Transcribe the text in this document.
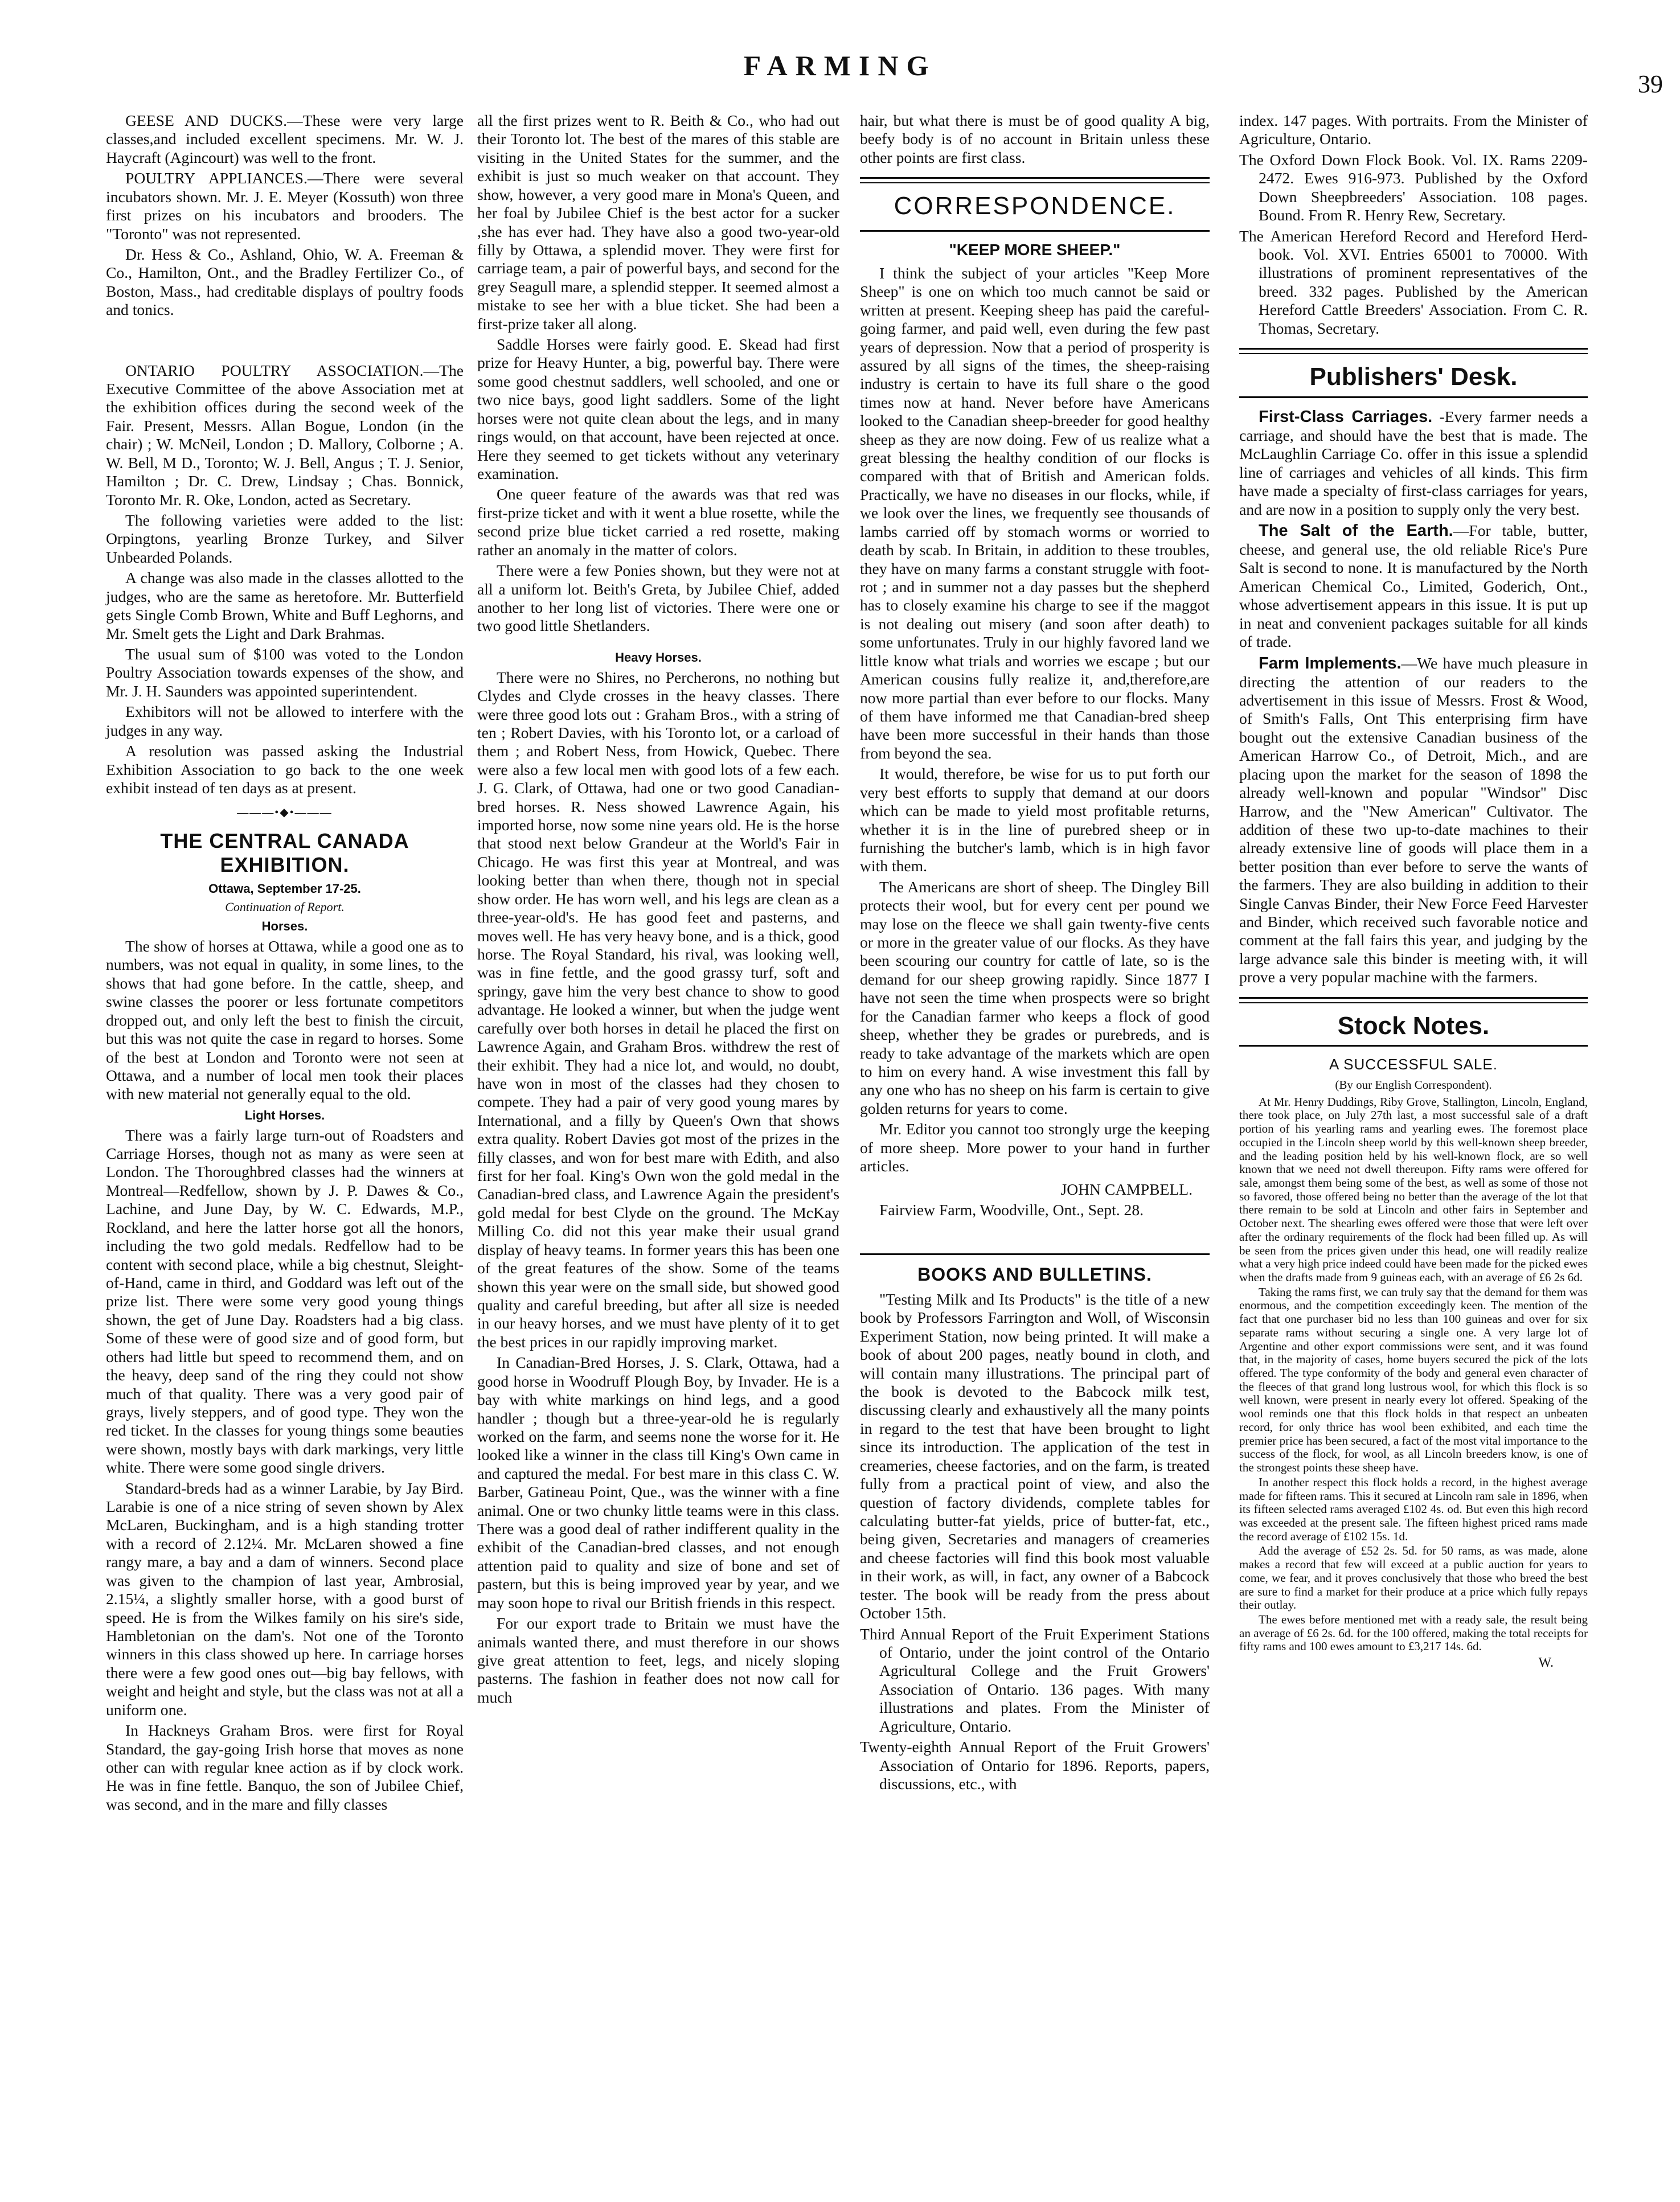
FARMING
39

GEESE AND DUCKS.—These were very large classes,and included excellent specimens. Mr. W. J. Haycraft (Agincourt) was well to the front.

POULTRY APPLIANCES.—There were several incubators shown. Mr. J. E. Meyer (Kossuth) won three first prizes on his incubators and brooders. The "Toronto" was not represented.

Dr. Hess & Co., Ashland, Ohio, W. A. Freeman & Co., Hamilton, Ont., and the Bradley Fertilizer Co., of Boston, Mass., had creditable displays of poultry foods and tonics.

ONTARIO POULTRY ASSOCIATION.—The Executive Committee of the above Association met at the exhibition offices during the second week of the Fair. Present, Messrs. Allan Bogue, London (in the chair) ; W. McNeil, London ; D. Mallory, Colborne ; A. W. Bell, M D., Toronto; W. J. Bell, Angus ; T. J. Senior, Hamilton ; Dr. C. Drew, Lindsay ; Chas. Bonnick, Toronto Mr. R. Oke, London, acted as Secretary.

The following varieties were added to the list: Orpingtons, yearling Bronze Turkey, and Silver Unbearded Polands.

A change was also made in the classes allotted to the judges, who are the same as heretofore. Mr. Butterfield gets Single Comb Brown, White and Buff Leghorns, and Mr. Smelt gets the Light and Dark Brahmas.

The usual sum of $100 was voted to the London Poultry Association towards expenses of the show, and Mr. J. H. Saunders was appointed superintendent.

Exhibitors will not be allowed to interfere with the judges in any way.

A resolution was passed asking the Industrial Exhibition Association to go back to the one week exhibit instead of ten days as at present.

———•◆•———
THE CENTRAL CANADA EXHIBITION.
Ottawa, September 17-25.
Continuation of Report.
Horses.

The show of horses at Ottawa, while a good one as to numbers, was not equal in quality, in some lines, to the shows that had gone before. In the cattle, sheep, and swine classes the poorer or less fortunate competitors dropped out, and only left the best to finish the circuit, but this was not quite the case in regard to horses. Some of the best at London and Toronto were not seen at Ottawa, and a number of local men took their places with new material not generally equal to the old.

Light Horses.

There was a fairly large turn-out of Roadsters and Carriage Horses, though not as many as were seen at London. The Thoroughbred classes had the winners at Montreal—Redfellow, shown by J. P. Dawes & Co., Lachine, and June Day, by W. C. Edwards, M.P., Rockland, and here the latter horse got all the honors, including the two gold medals. Redfellow had to be content with second place, while a big chestnut, Sleight-of-Hand, came in third, and Goddard was left out of the prize list. There were some very good young things shown, the get of June Day. Roadsters had a big class. Some of these were of good size and of good form, but others had little but speed to recommend them, and on the heavy, deep sand of the ring they could not show much of that quality. There was a very good pair of grays, lively steppers, and of good type. They won the red ticket. In the classes for young things some beauties were shown, mostly bays with dark markings, very little white. There were some good single drivers.

Standard-breds had as a winner Larabie, by Jay Bird. Larabie is one of a nice string of seven shown by Alex McLaren, Buckingham, and is a high standing trotter with a record of 2.12¼. Mr. McLaren showed a fine rangy mare, a bay and a dam of winners. Second place was given to the champion of last year, Ambrosial, 2.15¼, a slightly smaller horse, with a good burst of speed. He is from the Wilkes family on his sire's side, Hambletonian on the dam's. Not one of the Toronto winners in this class showed up here. In carriage horses there were a few good ones out—big bay fellows, with weight and height and style, but the class was not at all a uniform one.

In Hackneys Graham Bros. were first for Royal Standard, the gay-going Irish horse that moves as none other can with regular knee action as if by clock work. He was in fine fettle. Banquo, the son of Jubilee Chief, was second, and in the mare and filly classes

all the first prizes went to R. Beith & Co., who had out their Toronto lot. The best of the mares of this stable are visiting in the United States for the summer, and the exhibit is just so much weaker on that account. They show, however, a very good mare in Mona's Queen, and her foal by Jubilee Chief is the best actor for a sucker ,she has ever had. They have also a good two-year-old filly by Ottawa, a splendid mover. They were first for carriage team, a pair of powerful bays, and second for the grey Seagull mare, a splendid stepper. It seemed almost a mistake to see her with a blue ticket. She had been a first-prize taker all along.

Saddle Horses were fairly good. E. Skead had first prize for Heavy Hunter, a big, powerful bay. There were some good chestnut saddlers, well schooled, and one or two nice bays, good light saddlers. Some of the light horses were not quite clean about the legs, and in many rings would, on that account, have been rejected at once. Here they seemed to get tickets without any veterinary examination.

One queer feature of the awards was that red was first-prize ticket and with it went a blue rosette, while the second prize blue ticket carried a red rosette, making rather an anomaly in the matter of colors.

There were a few Ponies shown, but they were not at all a uniform lot. Beith's Greta, by Jubilee Chief, added another to her long list of victories. There were one or two good little Shetlanders.

Heavy Horses.

There were no Shires, no Percherons, no nothing but Clydes and Clyde crosses in the heavy classes. There were three good lots out : Graham Bros., with a string of ten ; Robert Davies, with his Toronto lot, or a carload of them ; and Robert Ness, from Howick, Quebec. There were also a few local men with good lots of a few each. J. G. Clark, of Ottawa, had one or two good Canadian-bred horses. R. Ness showed Lawrence Again, his imported horse, now some nine years old. He is the horse that stood next below Grandeur at the World's Fair in Chicago. He was first this year at Montreal, and was looking better than when there, though not in special show order. He has worn well, and his legs are clean as a three-year-old's. He has good feet and pasterns, and moves well. He has very heavy bone, and is a thick, good horse. The Royal Standard, his rival, was looking well, was in fine fettle, and the good grassy turf, soft and springy, gave him the very best chance to show to good advantage. He looked a winner, but when the judge went carefully over both horses in detail he placed the first on Lawrence Again, and Graham Bros. withdrew the rest of their exhibit. They had a nice lot, and would, no doubt, have won in most of the classes had they chosen to compete. They had a pair of very good young mares by International, and a filly by Queen's Own that shows extra quality. Robert Davies got most of the prizes in the filly classes, and won for best mare with Edith, and also first for her foal. King's Own won the gold medal in the Canadian-bred class, and Lawrence Again the president's gold medal for best Clyde on the ground. The McKay Milling Co. did not this year make their usual grand display of heavy teams. In former years this has been one of the great features of the show. Some of the teams shown this year were on the small side, but showed good quality and careful breeding, but after all size is needed in our heavy horses, and we must have plenty of it to get the best prices in our rapidly improving market.

In Canadian-Bred Horses, J. S. Clark, Ottawa, had a good horse in Woodruff Plough Boy, by Invader. He is a bay with white markings on hind legs, and a good handler ; though but a three-year-old he is regularly worked on the farm, and seems none the worse for it. He looked like a winner in the class till King's Own came in and captured the medal. For best mare in this class C. W. Barber, Gatineau Point, Que., was the winner with a fine animal. One or two chunky little teams were in this class. There was a good deal of rather indifferent quality in the exhibit of the Canadian-bred classes, and not enough attention paid to quality and size of bone and set of pastern, but this is being improved year by year, and we may soon hope to rival our British friends in this respect.

For our export trade to Britain we must have the animals wanted there, and must therefore in our shows give great attention to feet, legs, and nicely sloping pasterns. The fashion in feather does not now call for much

hair, but what there is must be of good quality A big, beefy body is of no account in Britain unless these other points are first class.

CORRESPONDENCE.
"KEEP MORE SHEEP."

I think the subject of your articles "Keep More Sheep" is one on which too much cannot be said or written at present. Keeping sheep has paid the careful-going farmer, and paid well, even during the few past years of depression. Now that a period of prosperity is assured by all signs of the times, the sheep-raising industry is certain to have its full share o the good times now at hand. Never before have Americans looked to the Canadian sheep-breeder for good healthy sheep as they are now doing. Few of us realize what a great blessing the healthy condition of our flocks is compared with that of British and American folds. Practically, we have no diseases in our flocks, while, if we look over the lines, we frequently see thousands of lambs carried off by stomach worms or worried to death by scab. In Britain, in addition to these troubles, they have on many farms a constant struggle with foot-rot ; and in summer not a day passes but the shepherd has to closely examine his charge to see if the maggot is not dealing out misery (and soon after death) to some unfortunates. Truly in our highly favored land we little know what trials and worries we escape ; but our American cousins fully realize it, and,therefore,are now more partial than ever before to our flocks. Many of them have informed me that Canadian-bred sheep have been more successful in their hands than those from beyond the sea.

It would, therefore, be wise for us to put forth our very best efforts to supply that demand at our doors which can be made to yield most profitable returns, whether it is in the line of purebred sheep or in furnishing the butcher's lamb, which is in high favor with them.

The Americans are short of sheep. The Dingley Bill protects their wool, but for every cent per pound we may lose on the fleece we shall gain twenty-five cents or more in the greater value of our flocks. As they have been scouring our country for cattle of late, so is the demand for our sheep growing rapidly. Since 1877 I have not seen the time when prospects were so bright for the Canadian farmer who keeps a flock of good sheep, whether they be grades or purebreds, and is ready to take advantage of the markets which are open to him on every hand. A wise investment this fall by any one who has no sheep on his farm is certain to give golden returns for years to come.

Mr. Editor you cannot too strongly urge the keeping of more sheep. More power to your hand in further articles.

JOHN CAMPBELL.

Fairview Farm, Woodville, Ont., Sept. 28.

BOOKS AND BULLETINS.

"Testing Milk and Its Products" is the title of a new book by Professors Farrington and Woll, of Wisconsin Experiment Station, now being printed. It will make a book of about 200 pages, neatly bound in cloth, and will contain many illustrations. The principal part of the book is devoted to the Babcock milk test, discussing clearly and exhaustively all the many points in regard to the test that have been brought to light since its introduction. The application of the test in creameries, cheese factories, and on the farm, is treated fully from a practical point of view, and also the question of factory dividends, complete tables for calculating butter-fat yields, price of butter-fat, etc., being given, Secretaries and managers of creameries and cheese factories will find this book most valuable in their work, as will, in fact, any owner of a Babcock tester. The book will be ready from the press about October 15th.

Third Annual Report of the Fruit Experiment Stations of Ontario, under the joint control of the Ontario Agricultural College and the Fruit Growers' Association of Ontario. 136 pages. With many illustrations and plates. From the Minister of Agriculture, Ontario.

Twenty-eighth Annual Report of the Fruit Growers' Association of Ontario for 1896. Reports, papers, discussions, etc., with

index. 147 pages. With portraits. From the Minister of Agriculture, Ontario.

The Oxford Down Flock Book. Vol. IX. Rams 2209-2472. Ewes 916-973. Published by the Oxford Down Sheepbreeders' Association. 108 pages. Bound. From R. Henry Rew, Secretary.

The American Hereford Record and Hereford Herd-book. Vol. XVI. Entries 65001 to 70000. With illustrations of prominent representatives of the breed. 332 pages. Published by the American Hereford Cattle Breeders' Association. From C. R. Thomas, Secretary.

Publishers' Desk.

First-Class Carriages. -Every farmer needs a carriage, and should have the best that is made. The McLaughlin Carriage Co. offer in this issue a splendid line of carriages and vehicles of all kinds. This firm have made a specialty of first-class carriages for years, and are now in a position to supply only the very best.

The Salt of the Earth.—For table, butter, cheese, and general use, the old reliable Rice's Pure Salt is second to none. It is manufactured by the North American Chemical Co., Limited, Goderich, Ont., whose advertisement appears in this issue. It is put up in neat and convenient packages suitable for all kinds of trade.

Farm Implements.—We have much pleasure in directing the attention of our readers to the advertisement in this issue of Messrs. Frost & Wood, of Smith's Falls, Ont This enterprising firm have bought out the extensive Canadian business of the American Harrow Co., of Detroit, Mich., and are placing upon the market for the season of 1898 the already well-known and popular "Windsor" Disc Harrow, and the "New American" Cultivator. The addition of these two up-to-date machines to their already extensive line of goods will place them in a better position than ever before to serve the wants of the farmers. They are also building in addition to their Single Canvas Binder, their New Force Feed Harvester and Binder, which received such favorable notice and comment at the fall fairs this year, and judging by the large advance sale this binder is meeting with, it will prove a very popular machine with the farmers.

Stock Notes.
A SUCCESSFUL SALE.
(By our English Correspondent).

At Mr. Henry Duddings, Riby Grove, Stallington, Lincoln, England, there took place, on July 27th last, a most successful sale of a draft portion of his yearling rams and yearling ewes. The foremost place occupied in the Lincoln sheep world by this well-known sheep breeder, and the leading position held by his well-known flock, are so well known that we need not dwell thereupon. Fifty rams were offered for sale, amongst them being some of the best, as well as some of those not so favored, those offered being no better than the average of the lot that there remain to be sold at Lincoln and other fairs in September and October next. The shearling ewes offered were those that were left over after the ordinary requirements of the flock had been filled up. As will be seen from the prices given under this head, one will readily realize what a very high price indeed could have been made for the picked ewes when the drafts made from 9 guineas each, with an average of £6 2s 6d.

Taking the rams first, we can truly say that the demand for them was enormous, and the competition exceedingly keen. The mention of the fact that one purchaser bid no less than 100 guineas and over for six separate rams without securing a single one. A very large lot of Argentine and other export commissions were sent, and it was found that, in the majority of cases, home buyers secured the pick of the lots offered. The type conformity of the body and general even character of the fleeces of that grand long lustrous wool, for which this flock is so well known, were present in nearly every lot offered. Speaking of the wool reminds one that this flock holds in that respect an unbeaten record, for only thrice has wool been exhibited, and each time the premier price has been secured, a fact of the most vital importance to the success of the flock, for wool, as all Lincoln breeders know, is one of the strongest points these sheep have.

In another respect this flock holds a record, in the highest average made for fifteen rams. This it secured at Lincoln ram sale in 1896, when its fifteen selected rams averaged £102 4s. od. But even this high record was exceeded at the present sale. The fifteen highest priced rams made the record average of £102 15s. 1d.

Add the average of £52 2s. 5d. for 50 rams, as was made, alone makes a record that few will exceed at a public auction for years to come, we fear, and it proves conclusively that those who breed the best are sure to find a market for their produce at a price which fully repays their outlay.

The ewes before mentioned met with a ready sale, the result being an average of £6 2s. 6d. for the 100 offered, making the total receipts for fifty rams and 100 ewes amount to £3,217 14s. 6d.

W.
